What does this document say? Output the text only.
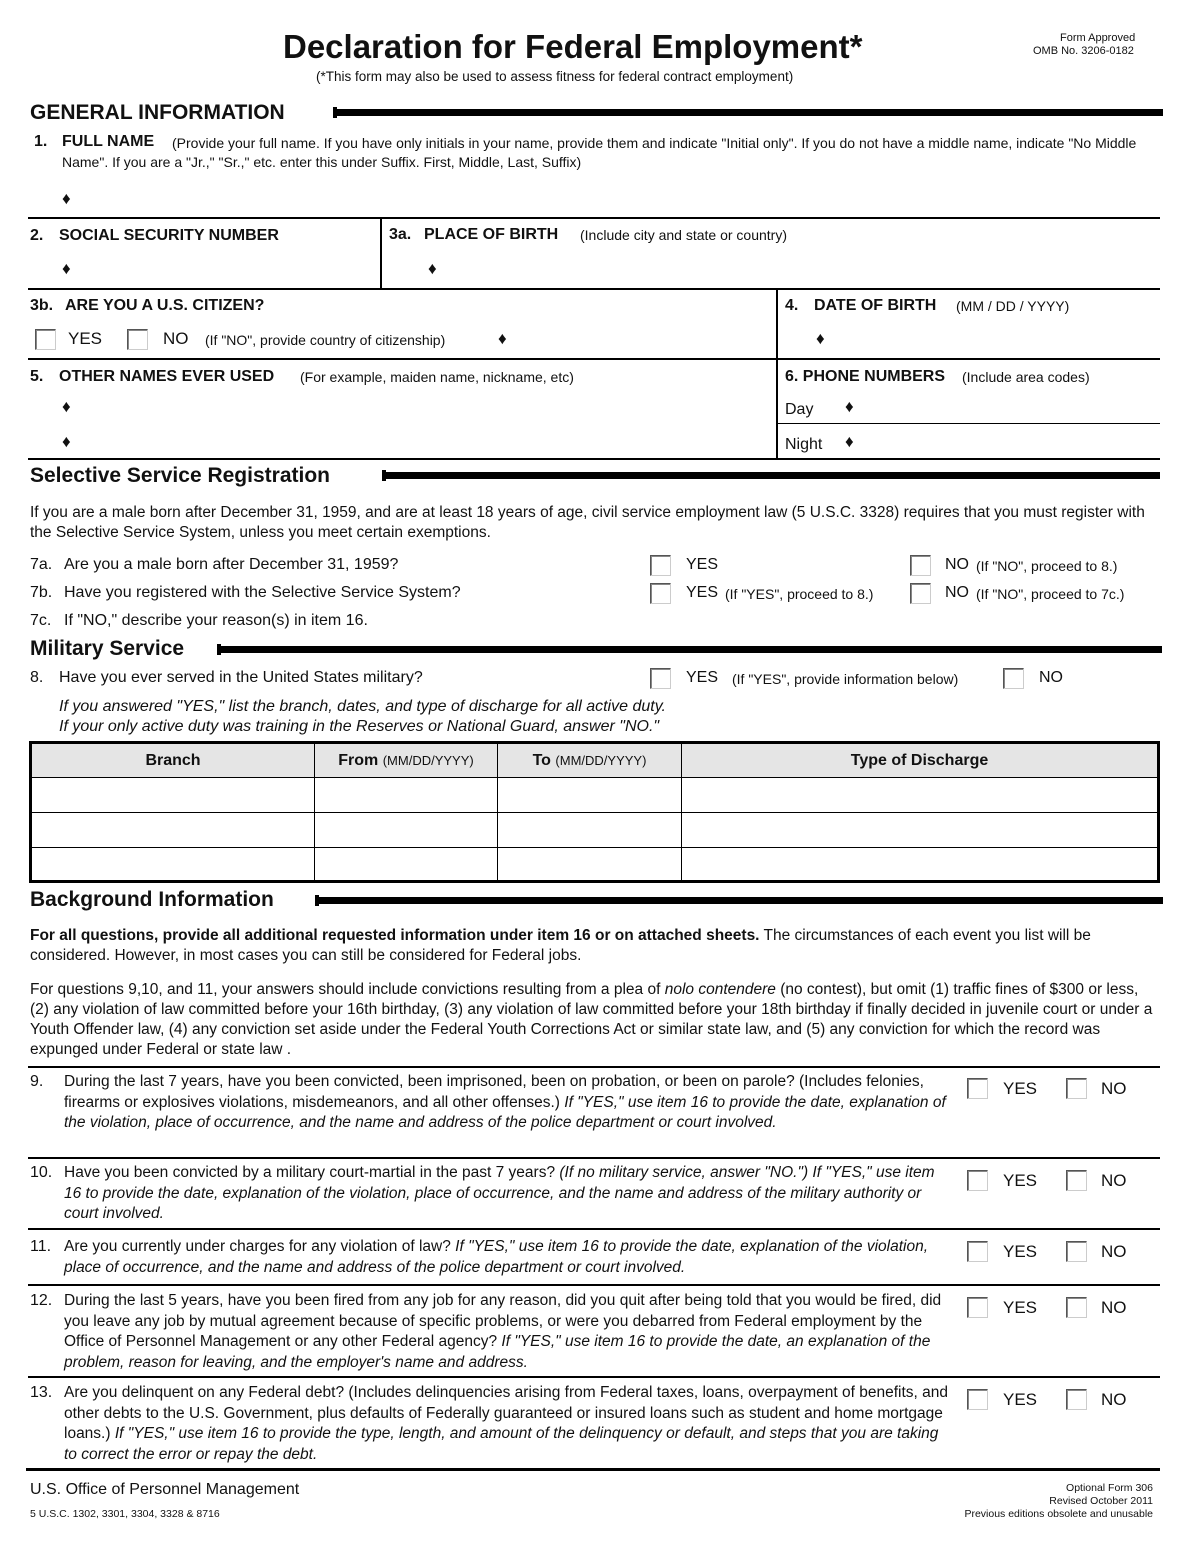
Declaration for Federal Employment*
(*This form may also be used to assess fitness for federal contract employment)
Form Approved
OMB No. 3206-0182
GENERAL INFORMATION
1. FULL NAME	(Provide your full name. If you have only initials in your name, provide them and indicate "Initial only". If you do not have a middle name, indicate "No Middle Name". If you are a "Jr.," "Sr.," etc. enter this under Suffix. First, Middle, Last, Suffix)
♦
2. SOCIAL SECURITY NUMBER
♦
3a. PLACE OF BIRTH (Include city and state or country)
♦
3b. ARE YOU A U.S. CITIZEN?
YES	NO (If "NO", provide country of citizenship)	♦
4. DATE OF BIRTH (MM / DD / YYYY)
♦
5. OTHER NAMES EVER USED (For example, maiden name, nickname, etc)
♦
♦
6. PHONE NUMBERS (Include area codes)
Day ♦
Night ♦
Selective Service Registration
If you are a male born after December 31, 1959, and are at least 18 years of age, civil service employment law (5 U.S.C. 3328) requires that you must register with the Selective Service System, unless you meet certain exemptions.
7a. Are you a male born after December 31, 1959?	YES	NO (If "NO", proceed to 8.)
7b. Have you registered with the Selective Service System?	YES (If "YES", proceed to 8.)	NO (If "NO", proceed to 7c.)
7c. If "NO," describe your reason(s) in item 16.
Military Service
8. Have you ever served in the United States military?	YES (If "YES", provide information below)	NO
If you answered "YES," list the branch, dates, and type of discharge for all active duty.
If your only active duty was training in the Reserves or National Guard, answer "NO."
Branch	From (MM/DD/YYYY)	To (MM/DD/YYYY)	Type of Discharge

Background Information
For all questions, provide all additional requested information under item 16 or on attached sheets. The circumstances of each event you list will be considered. However, in most cases you can still be considered for Federal jobs.
For questions 9,10, and 11, your answers should include convictions resulting from a plea of nolo contendere (no contest), but omit (1) traffic fines of $300 or less, (2) any violation of law committed before your 16th birthday, (3) any violation of law committed before your 18th birthday if finally decided in juvenile court or under a Youth Offender law, (4) any conviction set aside under the Federal Youth Corrections Act or similar state law, and (5) any conviction for which the record was expunged under Federal or state law .
9. During the last 7 years, have you been convicted, been imprisoned, been on probation, or been on parole? (Includes felonies, firearms or explosives violations, misdemeanors, and all other offenses.) If "YES," use item 16 to provide the date, explanation of the violation, place of occurrence, and the name and address of the police department or court involved.
YES	NO
10. Have you been convicted by a military court-martial in the past 7 years? (If no military service, answer "NO.") If "YES," use item 16 to provide the date, explanation of the violation, place of occurrence, and the name and address of the military authority or court involved.
YES	NO
11. Are you currently under charges for any violation of law? If "YES," use item 16 to provide the date, explanation of the violation, place of occurrence, and the name and address of the police department or court involved.
YES	NO
12. During the last 5 years, have you been fired from any job for any reason, did you quit after being told that you would be fired, did you leave any job by mutual agreement because of specific problems, or were you debarred from Federal employment by the Office of Personnel Management or any other Federal agency? If "YES," use item 16 to provide the date, an explanation of the problem, reason for leaving, and the employer's name and address.
YES	NO
13. Are you delinquent on any Federal debt? (Includes delinquencies arising from Federal taxes, loans, overpayment of benefits, and other debts to the U.S. Government, plus defaults of Federally guaranteed or insured loans such as student and home mortgage loans.) If "YES," use item 16 to provide the type, length, and amount of the delinquency or default, and steps that you are taking to correct the error or repay the debt.
YES	NO
U.S. Office of Personnel Management
5 U.S.C. 1302, 3301, 3304, 3328 & 8716
Optional Form 306
Revised October 2011
Previous editions obsolete and unusable
